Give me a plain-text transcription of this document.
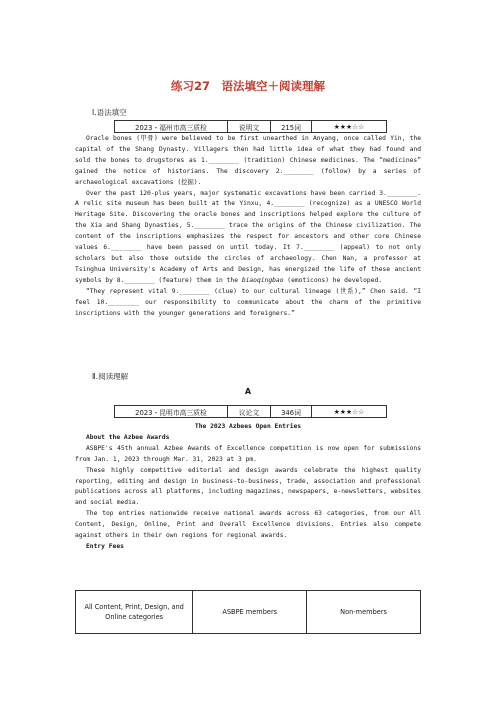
练习27　语法填空＋阅读理解
Ⅰ.语法填空
2023・福州市高三质检	说明文	215词	★★★☆☆

Oracle bones (甲骨) were believed to be first unearthed in Anyang, once called Yin, the capital of the Shang Dynasty. Villagers then had little idea of what they had found and sold the bones to drugstores as 1.________ (tradition) Chinese medicines. The “medicines” gained the notice of historians. The discovery 2.________ (follow) by a series of archaeological excavations (挖掘).

Over the past 120-plus years, major systematic excavations have been carried 3.________. A relic site museum has been built at the Yinxu, 4.________ (recognize) as a UNESCO World Heritage Site. Discovering the oracle bones and inscriptions helped explore the culture of the Xia and Shang Dynasties, 5.________ trace the origins of the Chinese civilization. The content of the inscriptions emphasizes the respect for ancestors and other core Chinese values 6.________ have been passed on until today. It 7.________ (appeal) to not only scholars but also those outside the circles of archaeology. Chen Nan, a professor at Tsinghua University's Academy of Arts and Design, has energized the life of these ancient symbols by 8.________ (feature) them in the biaoqingbao (emoticons) he developed.

“They represent vital 9.________ (clue) to our cultural lineage (世系),” Chen said. “I feel 10.________ our responsibility to communicate about the charm of the primitive inscriptions with the younger generations and foreigners.”

Ⅱ.阅读理解
A
2023・昆明市高三质检	议论文	346词	★★★☆☆

The 2023 Azbees Open Entries

About the Azbee Awards

ASBPE's 45th annual Azbee Awards of Excellence competition is now open for submissions from Jan. 1, 2023 through Mar. 31, 2023 at 3 pm.

These highly competitive editorial and design awards celebrate the highest quality reporting, editing and design in business-to-business, trade, association and professional publications across all platforms, including magazines, newspapers, e-newsletters, websites and social media.

The top entries nationwide receive national awards across 63 categories, from our All Content, Design, Online, Print and Overall Excellence divisions. Entries also compete against others in their own regions for regional awards.

Entry Fees

All Content, Print, Design, and Online categories	ASBPE members	Non-members
